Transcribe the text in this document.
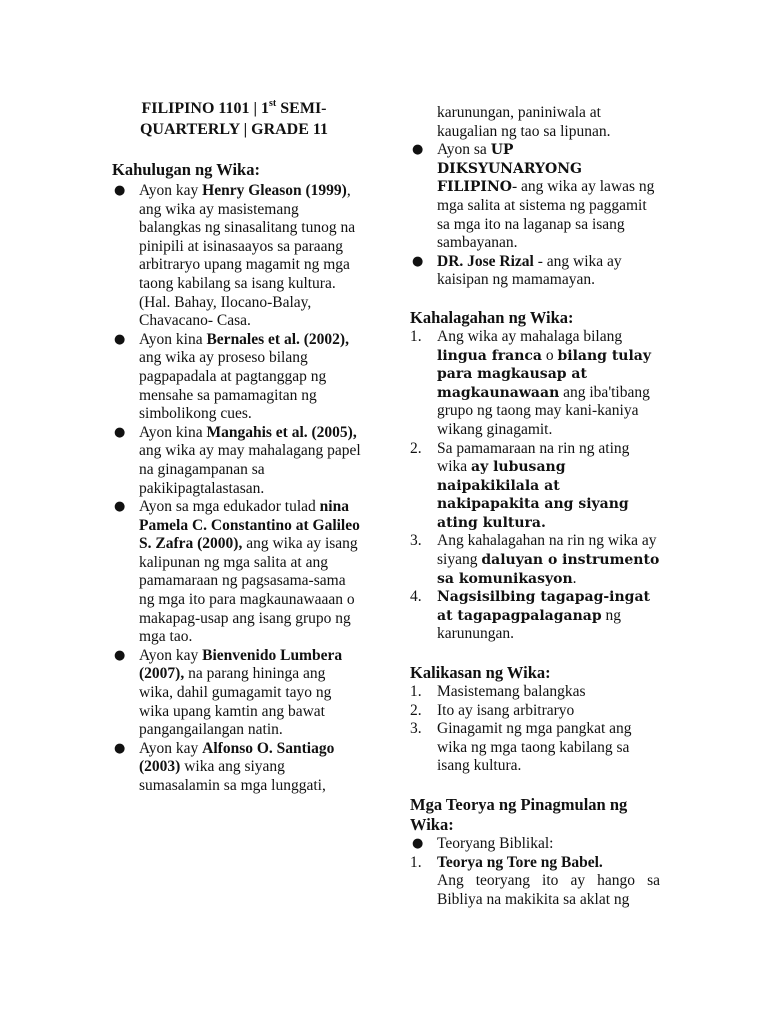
FILIPINO 1101 | 1st SEMI-
QUARTERLY | GRADE 11
Kahulugan ng Wika:
● Ayon kay Henry Gleason (1999), ang wika ay masistemang balangkas ng sinasalitang tunog na pinipili at isinasaayos sa paraang arbitraryo upang magamit ng mga taong kabilang sa isang kultura. (Hal. Bahay, Ilocano-Balay, Chavacano- Casa.
● Ayon kina Bernales et al. (2002), ang wika ay proseso bilang pagpapadala at pagtanggap ng mensahe sa pamamagitan ng simbolikong cues.
● Ayon kina Mangahis et al. (2005), ang wika ay may mahalagang papel na ginagampanan sa pakikipagtalastasan.
● Ayon sa mga edukador tulad nina Pamela C. Constantino at Galileo S. Zafra (2000), ang wika ay isang kalipunan ng mga salita at ang pamamaraan ng pagsasama-sama ng mga ito para magkaunawaaan o makapag-usap ang isang grupo ng mga tao.
● Ayon kay Bienvenido Lumbera (2007), na parang hininga ang wika, dahil gumagamit tayo ng wika upang kamtin ang bawat pangangailangan natin.
● Ayon kay Alfonso O. Santiago (2003) wika ang siyang sumasalamin sa mga lunggati,
karunungan, paniniwala at kaugalian ng tao sa lipunan.
● Ayon sa UP DIKSYUNARYONG FILIPINO- ang wika ay lawas ng mga salita at sistema ng paggamit sa mga ito na laganap sa isang sambayanan.
● DR. Jose Rizal - ang wika ay kaisipan ng mamamayan.
Kahalagahan ng Wika:
1. Ang wika ay mahalaga bilang lingua franca o bilang tulay para magkausap at magkaunawaan ang iba'tibang grupo ng taong may kani-kaniya wikang ginagamit.
2. Sa pamamaraan na rin ng ating wika ay lubusang naipakikilala at nakipapakita ang siyang ating kultura.
3. Ang kahalagahan na rin ng wika ay siyang daluyan o instrumento sa komunikasyon.
4. Nagsisilbing tagapag-ingat at tagapagpalaganap ng karunungan.
Kalikasan ng Wika:
1. Masistemang balangkas
2. Ito ay isang arbitraryo
3. Ginagamit ng mga pangkat ang wika ng mga taong kabilang sa isang kultura.
Mga Teorya ng Pinagmulan ng Wika:
● Teoryang Biblikal:
1. Teorya ng Tore ng Babel.
Ang teoryang ito ay hango sa Bibliya na makikita sa aklat ng
